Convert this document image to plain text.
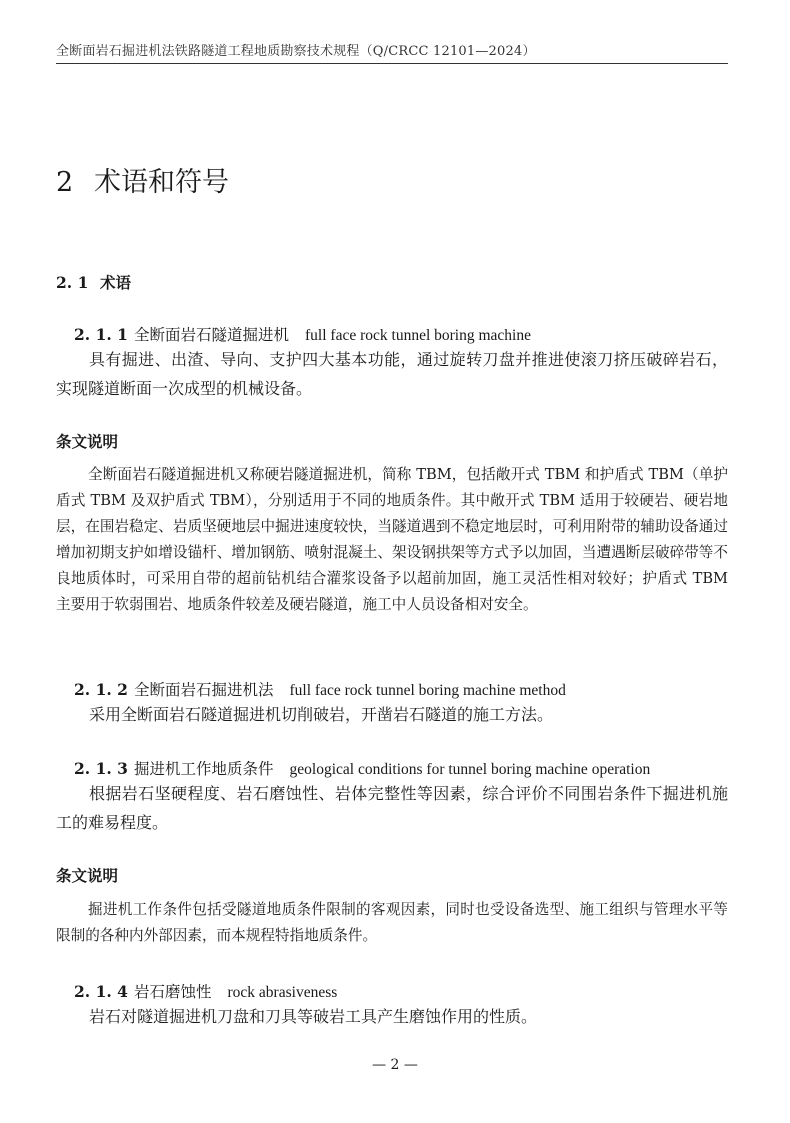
全断面岩石掘进机法铁路隧道工程地质勘察技术规程（Q/CRCC 12101—2024）
2 术语和符号
2. 1 术语
2. 1. 1 全断面岩石隧道掘进机 full face rock tunnel boring machine

具有掘进、出渣、导向、支护四大基本功能，通过旋转刀盘并推进使滚刀挤压破碎岩石，实现隧道断面一次成型的机械设备。

条文说明

全断面岩石隧道掘进机又称硬岩隧道掘进机，简称 TBM，包括敞开式 TBM 和护盾式 TBM（单护盾式 TBM 及双护盾式 TBM），分别适用于不同的地质条件。其中敞开式 TBM 适用于较硬岩、硬岩地层，在围岩稳定、岩质坚硬地层中掘进速度较快，当隧道遇到不稳定地层时，可利用附带的辅助设备通过增加初期支护如增设锚杆、增加钢筋、喷射混凝土、架设钢拱架等方式予以加固，当遭遇断层破碎带等不良地质体时，可采用自带的超前钻机结合灌浆设备予以超前加固，施工灵活性相对较好；护盾式 TBM 主要用于软弱围岩、地质条件较差及硬岩隧道，施工中人员设备相对安全。

2. 1. 2 全断面岩石掘进机法 full face rock tunnel boring machine method

采用全断面岩石隧道掘进机切削破岩，开凿岩石隧道的施工方法。

2. 1. 3 掘进机工作地质条件 geological conditions for tunnel boring machine operation

根据岩石坚硬程度、岩石磨蚀性、岩体完整性等因素，综合评价不同围岩条件下掘进机施工的难易程度。

条文说明

掘进机工作条件包括受隧道地质条件限制的客观因素，同时也受设备选型、施工组织与管理水平等限制的各种内外部因素，而本规程特指地质条件。

2. 1. 4 岩石磨蚀性 rock abrasiveness

岩石对隧道掘进机刀盘和刀具等破岩工具产生磨蚀作用的性质。

— 2 —
